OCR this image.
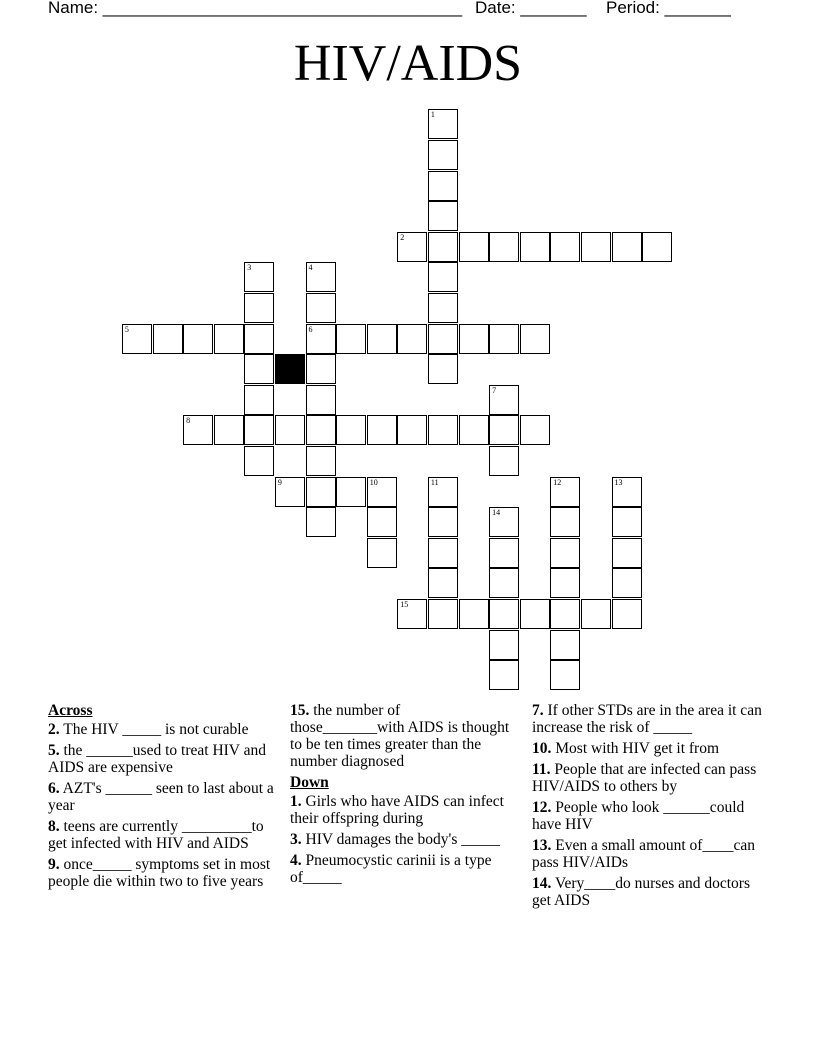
Name: ______________________________________ Date: _______ Period: _______
HIV/AIDS
1
2
3	4
6
5
7
8
9	10	11	12	13
14
15
Across
2. The HIV _____ is not curable
5. the ______used to treat HIV and AIDS are expensive
6. AZT's ______ seen to last about a year
8. teens are currently _________to get infected with HIV and AIDS
9. once_____ symptoms set in most people die within two to five years
15. the number of those_______with AIDS is thought to be ten times greater than the number diagnosed
Down
1. Girls who have AIDS can infect their offspring during
3. HIV damages the body's _____
4. Pneumocystic carinii is a type of_____
7. If other STDs are in the area it can increase the risk of _____
10. Most with HIV get it from
11. People that are infected can pass HIV/AIDS to others by
12. People who look ______could have HIV
13. Even a small amount of____can pass HIV/AIDs
14. Very____do nurses and doctors get AIDS
